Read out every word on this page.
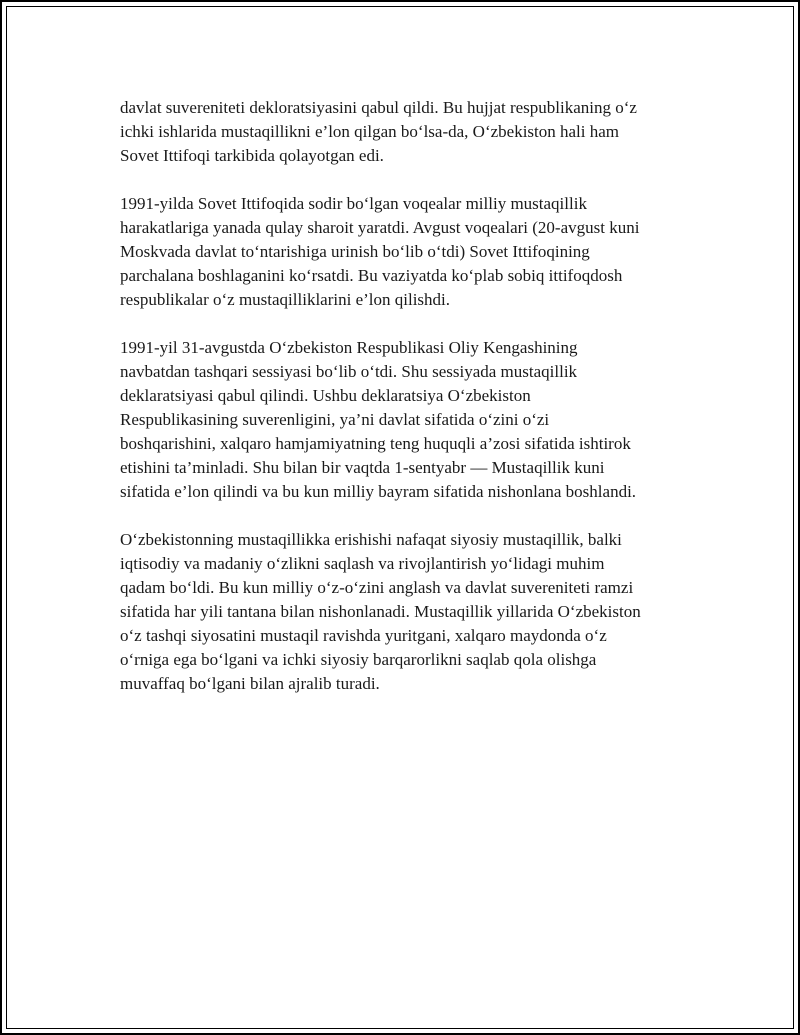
davlat suvereniteti dekloratsiyasini qabul qildi. Bu hujjat respublikaning o‘z
ichki ishlarida mustaqillikni e’lon qilgan bo‘lsa-da, O‘zbekiston hali ham
Sovet Ittifoqi tarkibida qolayotgan edi.

1991-yilda Sovet Ittifoqida sodir bo‘lgan voqealar milliy mustaqillik
harakatlariga yanada qulay sharoit yaratdi. Avgust voqealari (20-avgust kuni
Moskvada davlat to‘ntarishiga urinish bo‘lib o‘tdi) Sovet Ittifoqining
parchalana boshlaganini ko‘rsatdi. Bu vaziyatda ko‘plab sobiq ittifoqdosh
respublikalar o‘z mustaqilliklarini e’lon qilishdi.

1991-yil 31-avgustda O‘zbekiston Respublikasi Oliy Kengashining
navbatdan tashqari sessiyasi bo‘lib o‘tdi. Shu sessiyada mustaqillik
deklaratsiyasi qabul qilindi. Ushbu deklaratsiya O‘zbekiston
Respublikasining suverenligini, ya’ni davlat sifatida o‘zini o‘zi
boshqarishini, xalqaro hamjamiyatning teng huquqli a’zosi sifatida ishtirok
etishini ta’minladi. Shu bilan bir vaqtda 1-sentyabr — Mustaqillik kuni
sifatida e’lon qilindi va bu kun milliy bayram sifatida nishonlana boshlandi.

O‘zbekistonning mustaqillikka erishishi nafaqat siyosiy mustaqillik, balki
iqtisodiy va madaniy o‘zlikni saqlash va rivojlantirish yo‘lidagi muhim
qadam bo‘ldi. Bu kun milliy o‘z-o‘zini anglash va davlat suvereniteti ramzi
sifatida har yili tantana bilan nishonlanadi. Mustaqillik yillarida O‘zbekiston
o‘z tashqi siyosatini mustaqil ravishda yuritgani, xalqaro maydonda o‘z
o‘rniga ega bo‘lgani va ichki siyosiy barqarorlikni saqlab qola olishga
muvaffaq bo‘lgani bilan ajralib turadi.
